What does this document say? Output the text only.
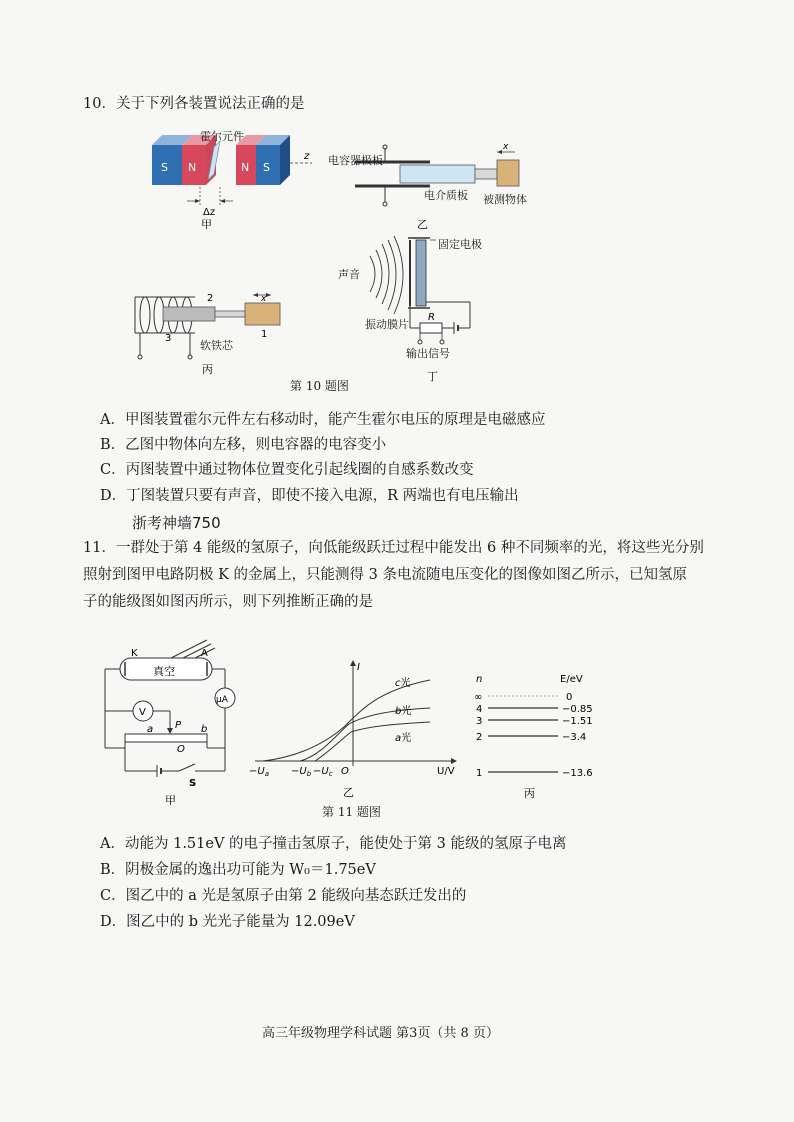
10．关于下列各装置说法正确的是
S N	N S
z
Δz
甲
霍尔元件
x
乙
电容器极板
电介质板 被测物体
x
2
3	1
丙
软铁芯
R
丁
固定电极
声音
振动膜片
输出信号
第 10 题图
A．甲图装置霍尔元件左右移动时，能产生霍尔电压的原理是电磁感应
B．乙图中物体向左移，则电容器的电容变小
C．丙图装置中通过物体位置变化引起线圈的自感系数改变
D．丁图装置只要有声音，即使不接入电源，R 两端也有电压输出
浙考神墙750
11．一群处于第 4 能级的氢原子，向低能级跃迁过程中能发出 6 种不同频率的光，将这些光分别
照射到图甲电路阴极 K 的金属上，只能测得 3 条电流随电压变化的图像如图乙所示，已知氢原
子的能级图如图丙所示，则下列推断正确的是
K	A
真空
μA
V
P
a	b
O
S
甲
I
c光
b光
a光
$-U_a -U_b -U_c$ O	U/V
乙
n	E/eV
∞	0
4	−0.85
3	−1.51
2	−3.4
1	−13.6
丙
第 11 题图
A．动能为 1.51eV 的电子撞击氢原子，能使处于第 3 能级的氢原子电离
B．阴极金属的逸出功可能为 W₀＝1.75eV
C．图乙中的 a 光是氢原子由第 2 能级向基态跃迁发出的
D．图乙中的 b 光光子能量为 12.09eV
高三年级物理学科试题 第3页（共 8 页）
